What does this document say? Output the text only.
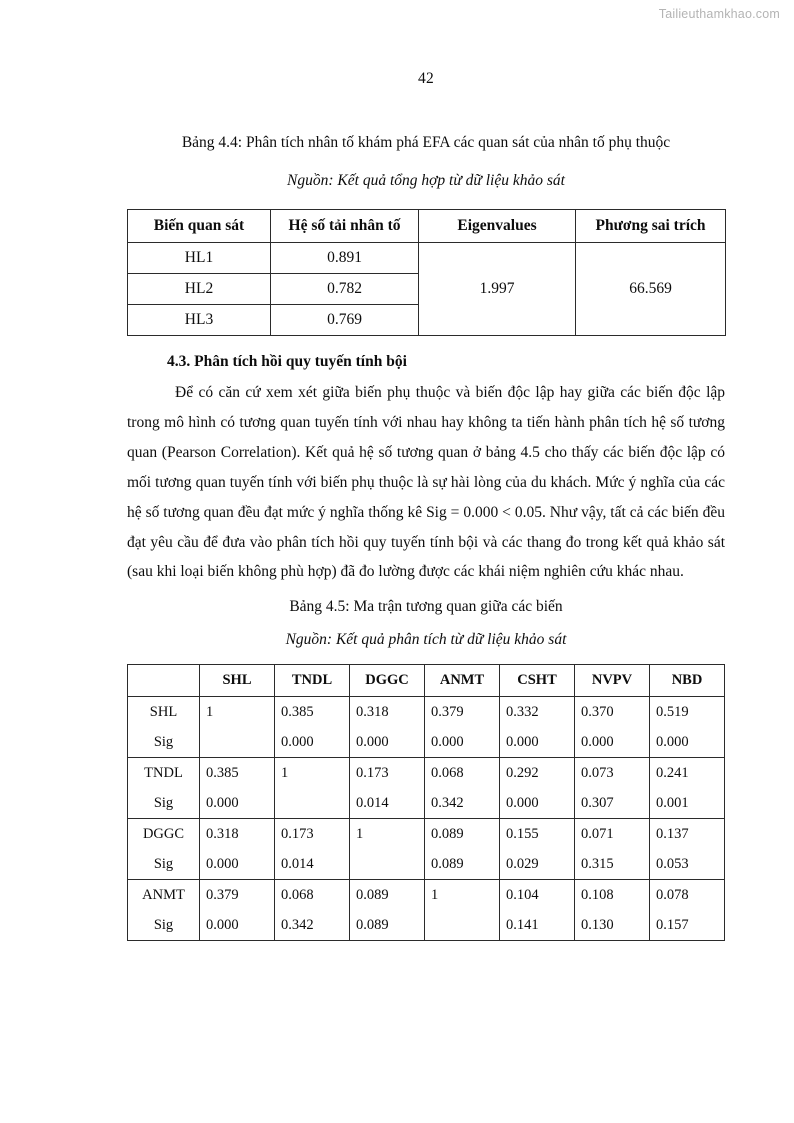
Tailieuthamkhao.com
42
Bảng 4.4: Phân tích nhân tố khám phá EFA các quan sát của nhân tố phụ thuộc
Nguồn: Kết quả tổng hợp từ dữ liệu khảo sát
Biến quan sát	Hệ số tải nhân tố	Eigenvalues	Phương sai trích
HL1	0.891	1.997	66.569
HL2	0.782		
HL3	0.769		
4.3. Phân tích hồi quy tuyến tính bội
Để có căn cứ xem xét giữa biến phụ thuộc và biến độc lập hay giữa các biến độc lập trong mô hình có tương quan tuyến tính với nhau hay không ta tiến hành phân tích hệ số tương quan (Pearson Correlation). Kết quả hệ số tương quan ở bảng 4.5 cho thấy các biến độc lập có mối tương quan tuyến tính với biến phụ thuộc là sự hài lòng của du khách. Mức ý nghĩa của các hệ số tương quan đều đạt mức ý nghĩa thống kê Sig = 0.000 < 0.05. Như vậy, tất cả các biến đều đạt yêu cầu để đưa vào phân tích hồi quy tuyến tính bội và các thang đo trong kết quả khảo sát (sau khi loại biến không phù hợp) đã đo lường được các khái niệm nghiên cứu khác nhau.
Bảng 4.5: Ma trận tương quan giữa các biến
Nguồn: Kết quả phân tích từ dữ liệu khảo sát
	SHL	TNDL	DGGC	ANMT	CSHT	NVPV	NBD
SHL	1	0.385	0.318	0.379	0.332	0.370	0.519
Sig		0.000	0.000	0.000	0.000	0.000	0.000
TNDL	0.385	1	0.173	0.068	0.292	0.073	0.241
Sig	0.000		0.014	0.342	0.000	0.307	0.001
DGGC	0.318	0.173	1	0.089	0.155	0.071	0.137
Sig	0.000	0.014		0.089	0.029	0.315	0.053
ANMT	0.379	0.068	0.089	1	0.104	0.108	0.078
Sig	0.000	0.342	0.089		0.141	0.130	0.157
